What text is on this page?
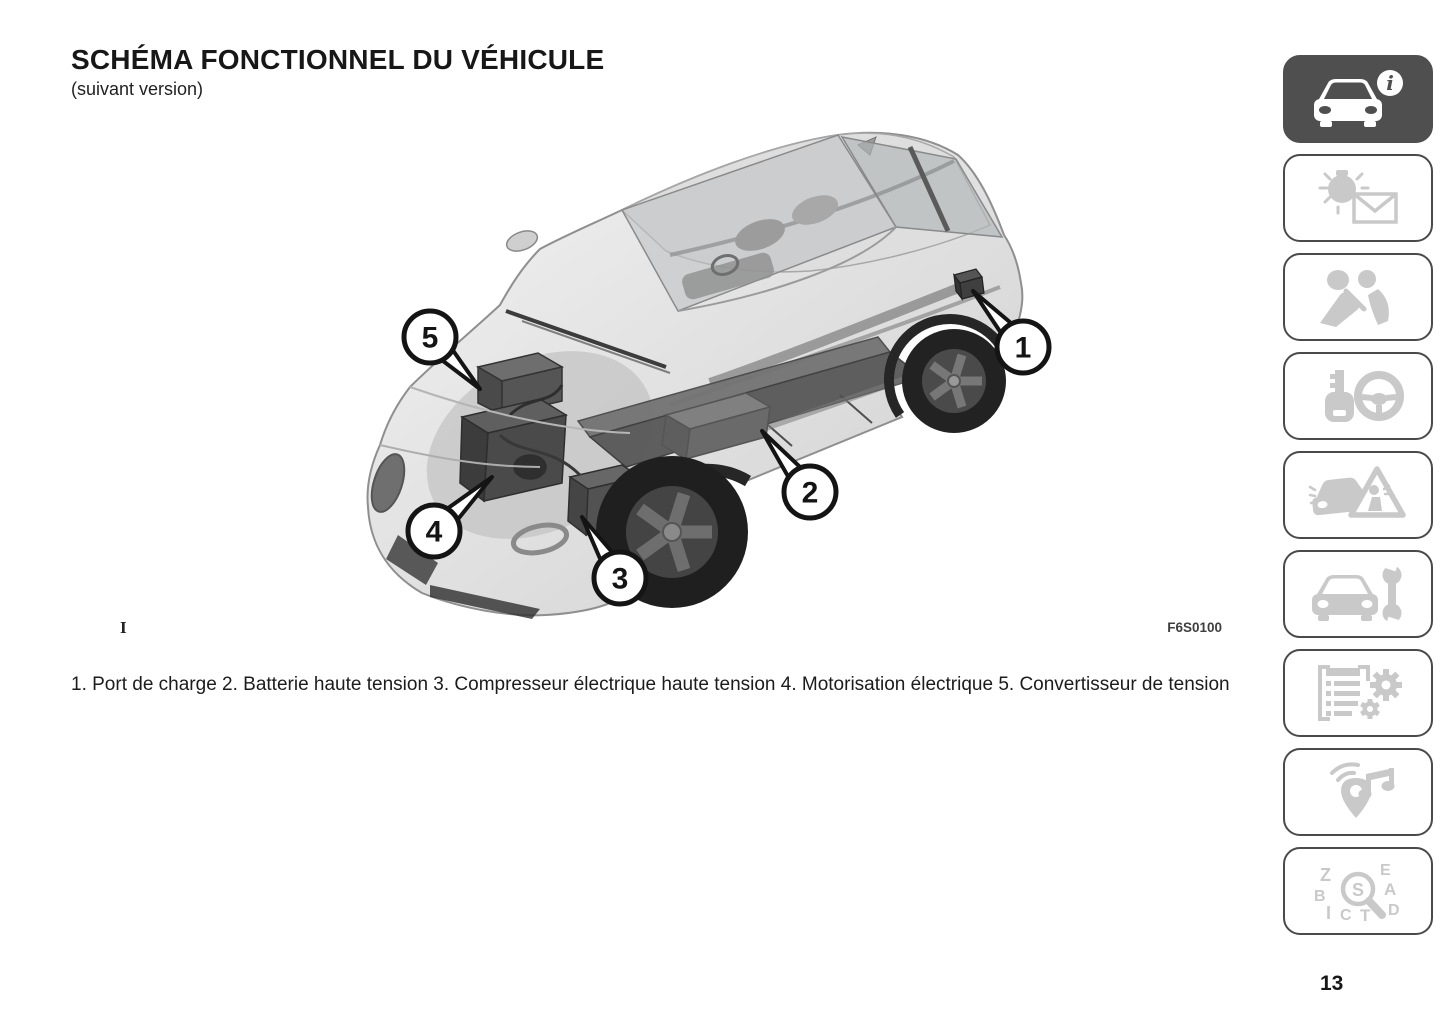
SCHÉMA FONCTIONNEL DU VÉHICULE

(suivant version)

1
2
3
4
5
I	F6S0100

1. Port de charge 2. Batterie haute tension 3. Compresseur électrique haute tension 4. Motorisation électrique 5. Convertisseur de tension

i
Z	E
B	A
I C T D
S
13
